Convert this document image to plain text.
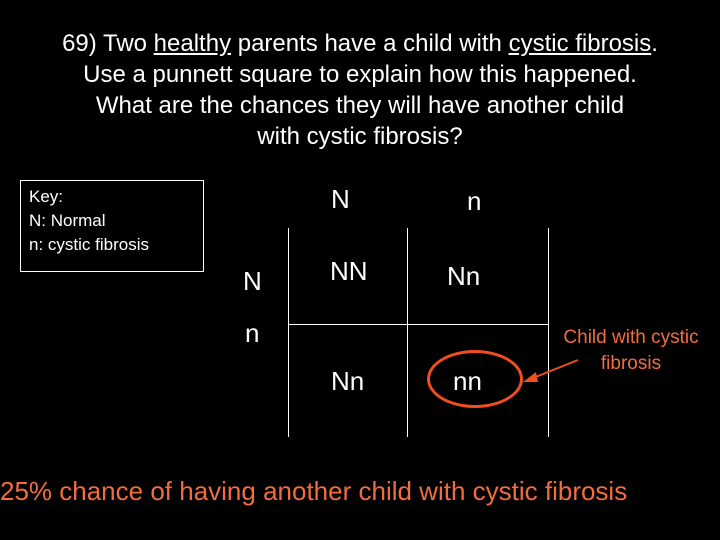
69) Two healthy parents have a child with cystic fibrosis.
Use a punnett square to explain how this happened.
What are the chances they will have another child
with cystic fibrosis?
Key:
N: Normal
n: cystic fibrosis
N	n
N
n
NN	Nn
Nn	nn
Child with cystic fibrosis
25% chance of having another child with cystic fibrosis
